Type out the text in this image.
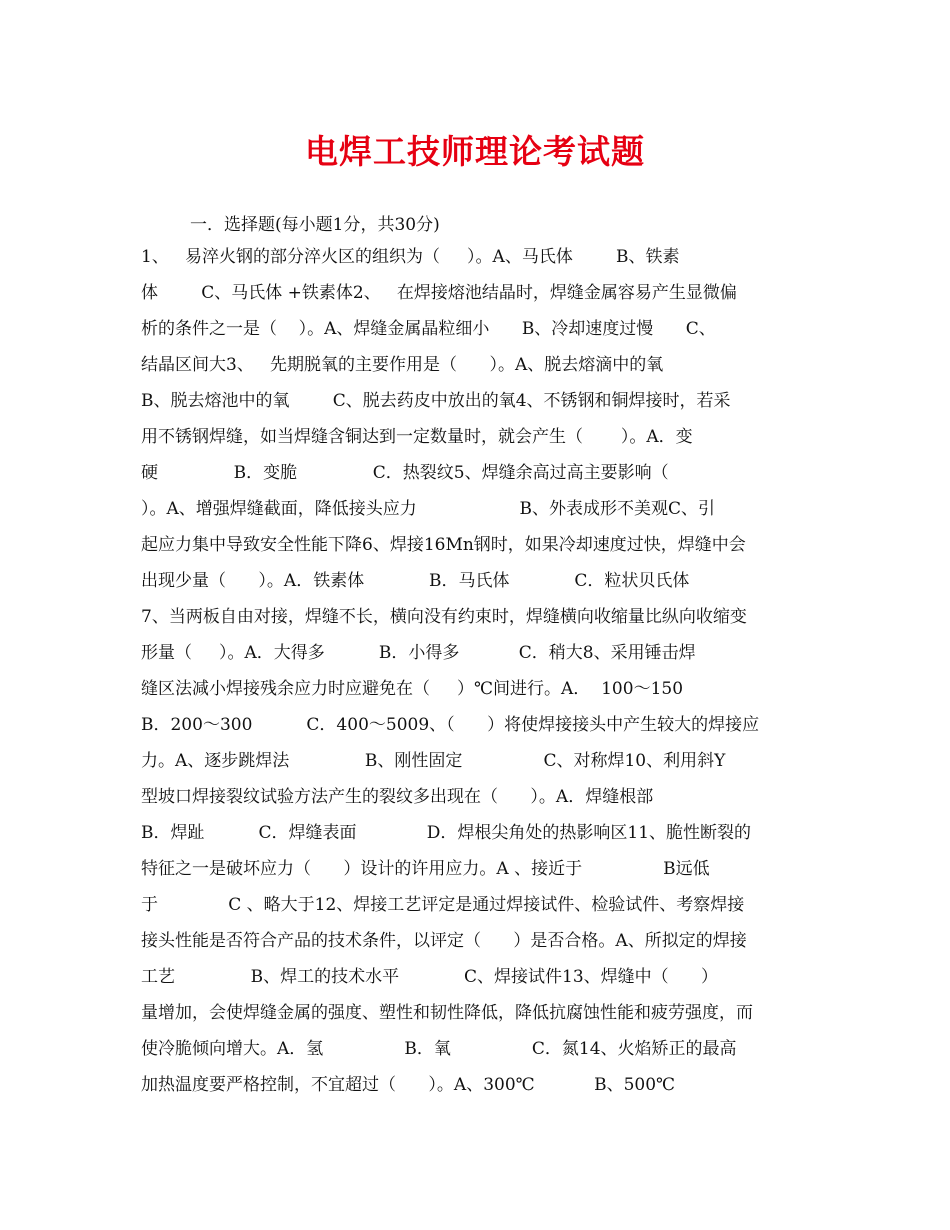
电焊工技师理论考试题
一．选择题(每小题1分，共30分)
1、   易淬火钢的部分淬火区的组织为（     ）。A、马氏体        B、铁素
体        C、马氏体 +铁素体2、   在焊接熔池结晶时，焊缝金属容易产生显微偏
析的条件之一是（    ）。A、焊缝金属晶粒细小      B、冷却速度过慢      C、
结晶区间大3、   先期脱氧的主要作用是（      ）。A、脱去熔滴中的氧
B、脱去熔池中的氧        C、脱去药皮中放出的氧4、不锈钢和铜焊接时，若采
用不锈钢焊缝，如当焊缝含铜达到一定数量时，就会产生（       ）。A．变
硬              B．变脆              C．热裂纹5、焊缝余高过高主要影响（
）。A、增强焊缝截面，降低接头应力                   B、外表成形不美观C、引
起应力集中导致安全性能下降6、焊接16Mn钢时，如果冷却速度过快，焊缝中会
出现少量（      ）。A．铁素体            B．马氏体            C．粒状贝氏体
7、当两板自由对接，焊缝不长，横向没有约束时，焊缝横向收缩量比纵向收缩变
形量（     ）。A．大得多          B．小得多           C．稍大8、采用锤击焊
缝区法减小焊接残余应力时应避免在（     ）℃间进行。A．  100～150
B．200～300          C．400～5009、（      ）将使焊接接头中产生较大的焊接应
力。A、逐步跳焊法              B、刚性固定               C、对称焊10、利用斜Y
型坡口焊接裂纹试验方法产生的裂纹多出现在（      ）。A．焊缝根部
B．焊趾          C．焊缝表面             D．焊根尖角处的热影响区11、脆性断裂的
特征之一是破坏应力（      ）设计的许用应力。A 、接近于               B远低
于             C 、略大于12、焊接工艺评定是通过焊接试件、检验试件、考察焊接
接头性能是否符合产品的技术条件，以评定（      ）是否合格。A、所拟定的焊接
工艺              B、焊工的技术水平            C、焊接试件13、焊缝中（      ）
量增加，会使焊缝金属的强度、塑性和韧性降低，降低抗腐蚀性能和疲劳强度，而
使冷脆倾向增大。A．氢               B．氧               C．氮14、火焰矫正的最高
加热温度要严格控制，不宜超过（      ）。A、300℃           B、500℃
